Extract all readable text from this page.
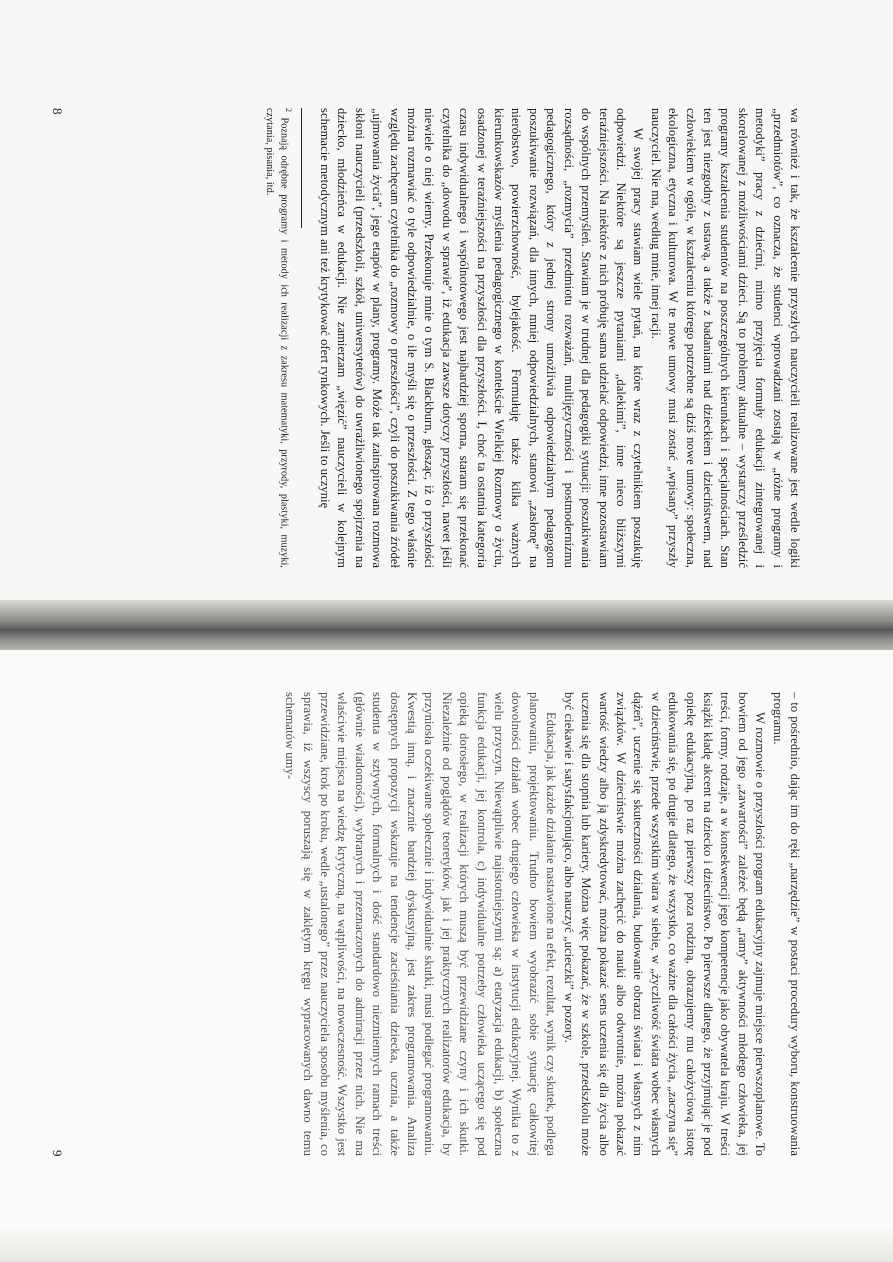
wa również i tak, że kształcenie przyszłych nauczycieli realizowane jest wedle logiki „przedmiotów”, co oznacza, że studenci wprowadzani zostają w „różne programy i metodyki” pracy z dziećmi, mimo przyjęcia formuły edukacji zintegrowanej i skorelowanej z możliwościami dzieci. Są to problemy aktualne – wystarczy prześledzić programy kształcenia studentów na poszczególnych kierunkach i specjalnościach. Stan ten jest niezgodny z ustawą, a także z badaniami nad dzieckiem i dzieciństwem, nad człowiekiem w ogóle, w kształceniu którego potrzebne są dziś nowe umowy: społeczna, ekologiczna, etyczna i kulturowa. W te nowe umowy musi zostać „wpisany” przyszły nauczyciel. Nie ma, według mnie, innej racji.

W swojej pracy stawiam wiele pytań, na które wraz z czytelnikiem poszukuję odpowiedzi. Niektóre są jeszcze pytaniami „dalekimi”, inne nieco bliższymi teraźniejszości. Na niektóre z nich próbuję sama udzielać odpowiedzi, inne pozostawiam do wspólnych przemyśleń. Stawiam je w trudnej dla pedagogiki sytuacji: poszukiwania rozsądności, „rozmycia” przedmiotu rozważań, multijęzyczności i postmodernizmu pedagogicznego, który z jednej strony umożliwia odpowiedzialnym pedagogom poszukiwanie rozwiązań, dla innych, mniej odpowiedzialnych, stanowi „zasłonę” na nieróbstwo, powierzchowność, bylejakość. Formułuję także kilka ważnych kierunkowskazów myślenia pedagogicznego w kontekście Wielkiej Rozmowy o życiu, osadzonej w teraźniejszości na przyszłości dla przyszłości. I, choć ta ostatnia kategoria czasu indywidualnego i wspólnotowego jest najbardziej sporna, staram się przekonać czytelnika do „dowodu w sprawie”, iż edukacja zawsze dotyczy przyszłości, nawet jeśli niewiele o niej wiemy. Przekonuje mnie o tym S. Blackburn, głosząc, iż o przyszłości można rozmawiać o tyle odpowiedzialnie, o ile myśli się o przeszłości. Z tego właśnie względu zachęcam czytelnika do „rozmowy o przeszłości”, czyli do poszukiwania źródeł „ujmowania życia”, jego etapów w plany, programy. Może tak zainspirowana rozmowa skłoni nauczycieli (przedszkoli, szkół, uniwersytetów) do uwrażliwionego spojrzenia na dziecko, młodzieńca w edukacji. Nie zamierzam „więzić” nauczycieli w kolejnym schemacie metodycznym ani też krytykować ofert rynkowych. Jeśli to uczynię

$^2$ Poznają odrębne programy i metody ich realizacji z zakresu matematyki, przyrody, plastyki, muzyki, czytania, pisania, itd.
8

– to pośrednio, dając im do ręki „narzędzie” w postaci procedury wyboru, konstruowania programu.

W rozmowie o przyszłości program edukacyjny zajmuje miejsce pierwszoplanowe. To bowiem od jego „zawartości” zależeć będą „ramy” aktywności młodego człowieka, jej treści, formy, rodzaje, a w konsekwencji jego kompetencje jako obywatela kraju. W treści książki kładę akcent na dziecko i dzieciństwo. Po pierwsze dlatego, że przyjmując je pod opiekę edukacyjną, po raz pierwszy poza rodziną, obrazujemy mu całożyciową istotę edukowania się, po drugie dlatego, że wszystko, co ważne dla całości życia, „zaczyna się” w dzieciństwie, przede wszystkim wiara w siebie, w „życzliwość świata wobec własnych dążeń”, uczenie się skuteczności działania, budowanie obrazu świata i własnych z nim związków. W dzieciństwie można zachęcić do nauki albo odwrotnie, można pokazać wartość wiedzy albo ją zdyskredytować, można pokazać sens uczenia się dla życia albo uczenia się dla stopnia lub kariery. Można więc pokazać, że w szkole, przedszkolu może być ciekawie i satysfakcjonująco, albo nauczyć „ucieczki” w pozory.

Edukacja, jak każde działanie nastawione na efekt, rezultat, wynik czy skutek, podlega planowaniu, projektowaniu. Trudno bowiem wyobrazić sobie sytuację całkowitej dowolności działań wobec drugiego człowieka w instytucji edukacyjnej. Wynika to z wielu przyczyn. Niewątpliwie najistotniejszymi są: a) etatyzacja edukacji, b) społeczna funkcja edukacji, jej kontrola, c) indywidualne potrzeby człowieka uczącego się pod opieką dorosłego, w realizacji których muszą być przewidziane czyny i ich skutki. Niezależnie od poglądów teoretyków, jak i jej praktycznych realizatorów edukacja, by przyniosła oczekiwane społecznie i indywidualnie skutki, musi podlegać programowaniu. Kwestią inną, i znacznie bardziej dyskusyjną, jest zakres programowania. Analiza dostępnych propozycji wskazuje na tendencje zacieśniania dziecka, ucznia, a także studenta w sztywnych, formalnych i dość standardowo niezmiennych ramach treści (głównie wiadomości), wybranych i przeznaczonych do admiracji przez nich. Nie ma właściwie miejsca na wiedzę krytyczną, na wątpliwości, na nowoczesność. Wszystko jest przewidziane, krok po kroku, wedle „ustalonego” przez nauczyciela sposobu myślenia, co sprawia, iż wszyscy poruszają się w zaklętym kręgu wypracowanych dawno temu schematów umy-

9
